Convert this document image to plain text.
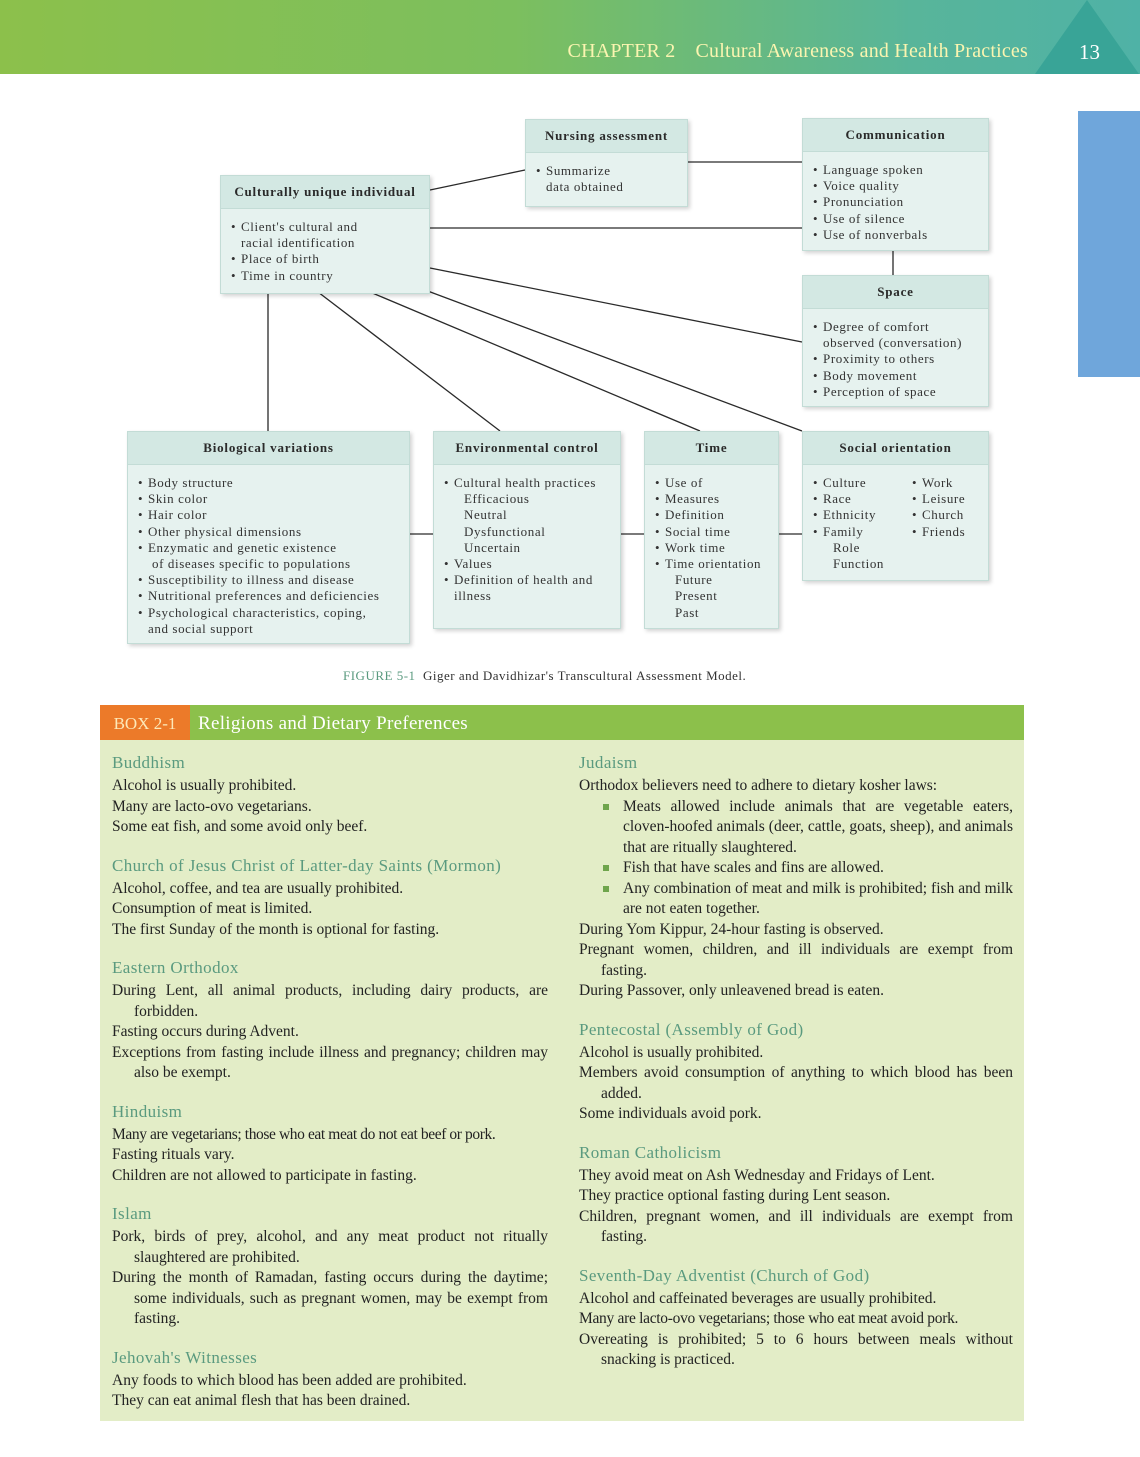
CHAPTER 2 Cultural Awareness and Health Practices 13
Nursing assessment
• Summarize
data obtained
Communication
• Language spoken
• Voice quality
• Pronunciation
• Use of silence
• Use of nonverbals
Culturally unique individual
• Client's cultural and
racial identification
• Place of birth
• Time in country
Space
• Degree of comfort
observed (conversation)
• Proximity to others
• Body movement
• Perception of space
Biological variations
• Body structure
• Skin color
• Hair color
• Other physical dimensions
• Enzymatic and genetic existence
of diseases specific to populations
• Susceptibility to illness and disease
• Nutritional preferences and deficiencies
• Psychological characteristics, coping,
and social support
Environmental control
• Cultural health practices
Efficacious
Neutral
Dysfunctional
Uncertain
• Values
• Definition of health and
illness
Time
• Use of
• Measures
• Definition
• Social time
• Work time
• Time orientation
Future
Present
Past
Social orientation
• Culture
• Race
• Ethnicity
• Family
Role
Function
• Work
• Leisure
• Church
• Friends
FIGURE 5-1 Giger and Davidhizar's Transcultural Assessment Model.
BOX 2-1	Religions and Dietary Preferences
Buddhism
Alcohol is usually prohibited.
Many are lacto-ovo vegetarians.
Some eat fish, and some avoid only beef.
Church of Jesus Christ of Latter-day Saints (Mormon)
Alcohol, coffee, and tea are usually prohibited.
Consumption of meat is limited.
The first Sunday of the month is optional for fasting.
Eastern Orthodox
During Lent, all animal products, including dairy products, are forbidden.
Fasting occurs during Advent.
Exceptions from fasting include illness and pregnancy; children may also be exempt.
Hinduism
Many are vegetarians; those who eat meat do not eat beef or pork.
Fasting rituals vary.
Children are not allowed to participate in fasting.
Islam
Pork, birds of prey, alcohol, and any meat product not ritually slaughtered are prohibited.
During the month of Ramadan, fasting occurs during the daytime; some individuals, such as pregnant women, may be exempt from fasting.
Jehovah's Witnesses
Any foods to which blood has been added are prohibited.
They can eat animal flesh that has been drained.
Judaism
Orthodox believers need to adhere to dietary kosher laws:
Meats allowed include animals that are vegetable eaters, cloven-hoofed animals (deer, cattle, goats, sheep), and animals that are ritually slaughtered.
Fish that have scales and fins are allowed.
Any combination of meat and milk is prohibited; fish and milk are not eaten together.
During Yom Kippur, 24-hour fasting is observed.
Pregnant women, children, and ill individuals are exempt from fasting.
During Passover, only unleavened bread is eaten.
Pentecostal (Assembly of God)
Alcohol is usually prohibited.
Members avoid consumption of anything to which blood has been added.
Some individuals avoid pork.
Roman Catholicism
They avoid meat on Ash Wednesday and Fridays of Lent.
They practice optional fasting during Lent season.
Children, pregnant women, and ill individuals are exempt from fasting.
Seventh-Day Adventist (Church of God)
Alcohol and caffeinated beverages are usually prohibited.
Many are lacto-ovo vegetarians; those who eat meat avoid pork.
Overeating is prohibited; 5 to 6 hours between meals without snacking is practiced.
